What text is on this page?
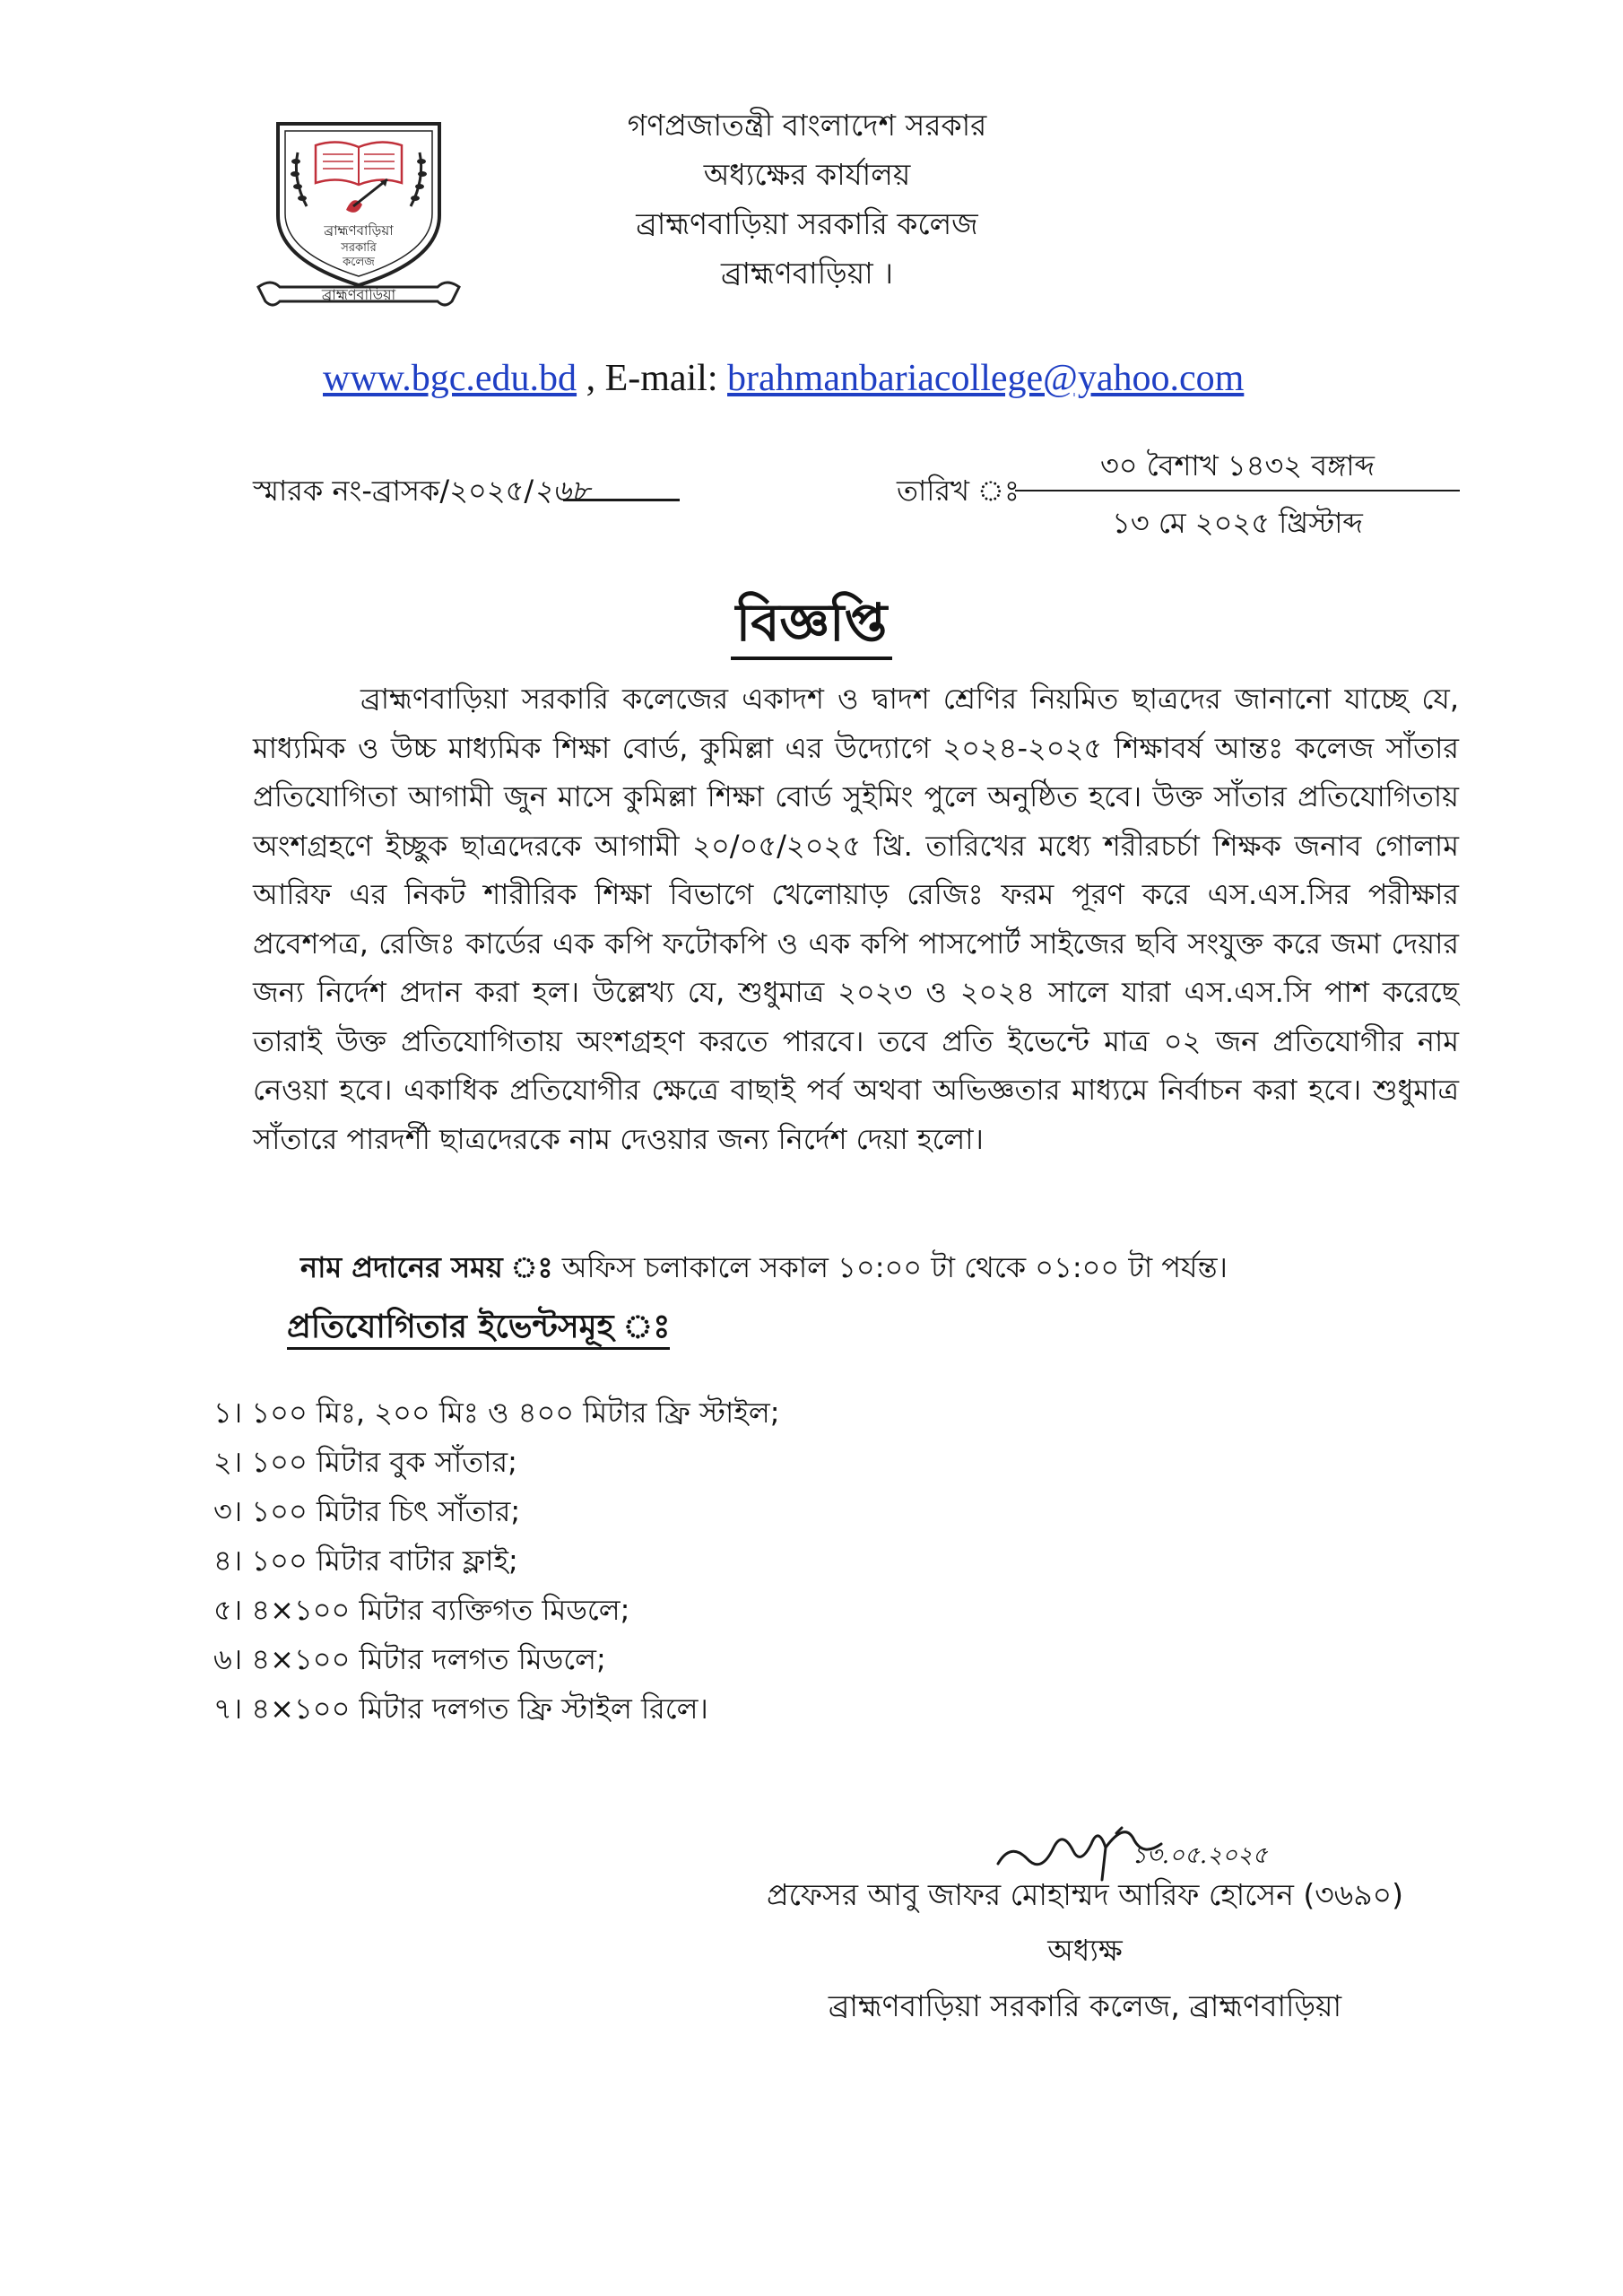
ব্রাহ্মণবাড়িয়া
সরকারি
কলেজ
ব্রাহ্মণবাড়িয়া
গণপ্রজাতন্ত্রী বাংলাদেশ সরকার
অধ্যক্ষের কার্যালয়
ব্রাহ্মণবাড়িয়া সরকারি কলেজ
ব্রাহ্মণবাড়িয়া ।
www.bgc.edu.bd , E-mail: brahmanbariacollege@yahoo.com
স্মারক নং-ব্রাসক/২০২৫/২৬৮	তারিখ ঃ
৩০ বৈশাখ ১৪৩২ বঙ্গাব্দ
১৩ মে ২০২৫ খ্রিস্টাব্দ
বিজ্ঞপ্তি

ব্রাহ্মণবাড়িয়া সরকারি কলেজের একাদশ ও দ্বাদশ শ্রেণির নিয়মিত ছাত্রদের জানানো যাচ্ছে যে, মাধ্যমিক ও উচ্চ মাধ্যমিক শিক্ষা বোর্ড, কুমিল্লা এর উদ্যোগে ২০২৪-২০২৫ শিক্ষাবর্ষ আন্তঃ কলেজ সাঁতার প্রতিযোগিতা আগামী জুন মাসে কুমিল্লা শিক্ষা বোর্ড সুইমিং পুলে অনুষ্ঠিত হবে। উক্ত সাঁতার প্রতিযোগিতায় অংশগ্রহণে ইচ্ছুক ছাত্রদেরকে আগামী ২০/০৫/২০২৫ খ্রি. তারিখের মধ্যে শরীরচর্চা শিক্ষক জনাব গোলাম আরিফ এর নিকট শারীরিক শিক্ষা বিভাগে খেলোয়াড় রেজিঃ ফরম পূরণ করে এস.এস.সির পরীক্ষার প্রবেশপত্র, রেজিঃ কার্ডের এক কপি ফটোকপি ও এক কপি পাসপোর্ট সাইজের ছবি সংযুক্ত করে জমা দেয়ার জন্য নির্দেশ প্রদান করা হল। উল্লেখ্য যে, শুধুমাত্র ২০২৩ ও ২০২৪ সালে যারা এস.এস.সি পাশ করেছে তারাই উক্ত প্রতিযোগিতায় অংশগ্রহণ করতে পারবে। তবে প্রতি ইভেন্টে মাত্র ০২ জন প্রতিযোগীর নাম নেওয়া হবে। একাধিক প্রতিযোগীর ক্ষেত্রে বাছাই পর্ব অথবা অভিজ্ঞতার মাধ্যমে নির্বাচন করা হবে। শুধুমাত্র সাঁতারে পারদর্শী ছাত্রদেরকে নাম দেওয়ার জন্য নির্দেশ দেয়া হলো।

নাম প্রদানের সময় ঃ অফিস চলাকালে সকাল ১০:০০ টা থেকে ০১:০০ টা পর্যন্ত।
প্রতিযোগিতার ইভেন্টসমূহ ঃ
১। ১০০ মিঃ, ২০০ মিঃ ও ৪০০ মিটার ফ্রি স্টাইল;
২। ১০০ মিটার বুক সাঁতার;
৩। ১০০ মিটার চিৎ সাঁতার;
৪। ১০০ মিটার বাটার ফ্লাই;
৫। ৪×১০০ মিটার ব্যক্তিগত মিডলে;
৬। ৪×১০০ মিটার দলগত মিডলে;
৭। ৪×১০০ মিটার দলগত ফ্রি স্টাইল রিলে।
১৩.০৫.২০২৫
প্রফেসর আবু জাফর মোহাম্মদ আরিফ হোসেন (৩৬৯০)
অধ্যক্ষ
ব্রাহ্মণবাড়িয়া সরকারি কলেজ, ব্রাহ্মণবাড়িয়া
